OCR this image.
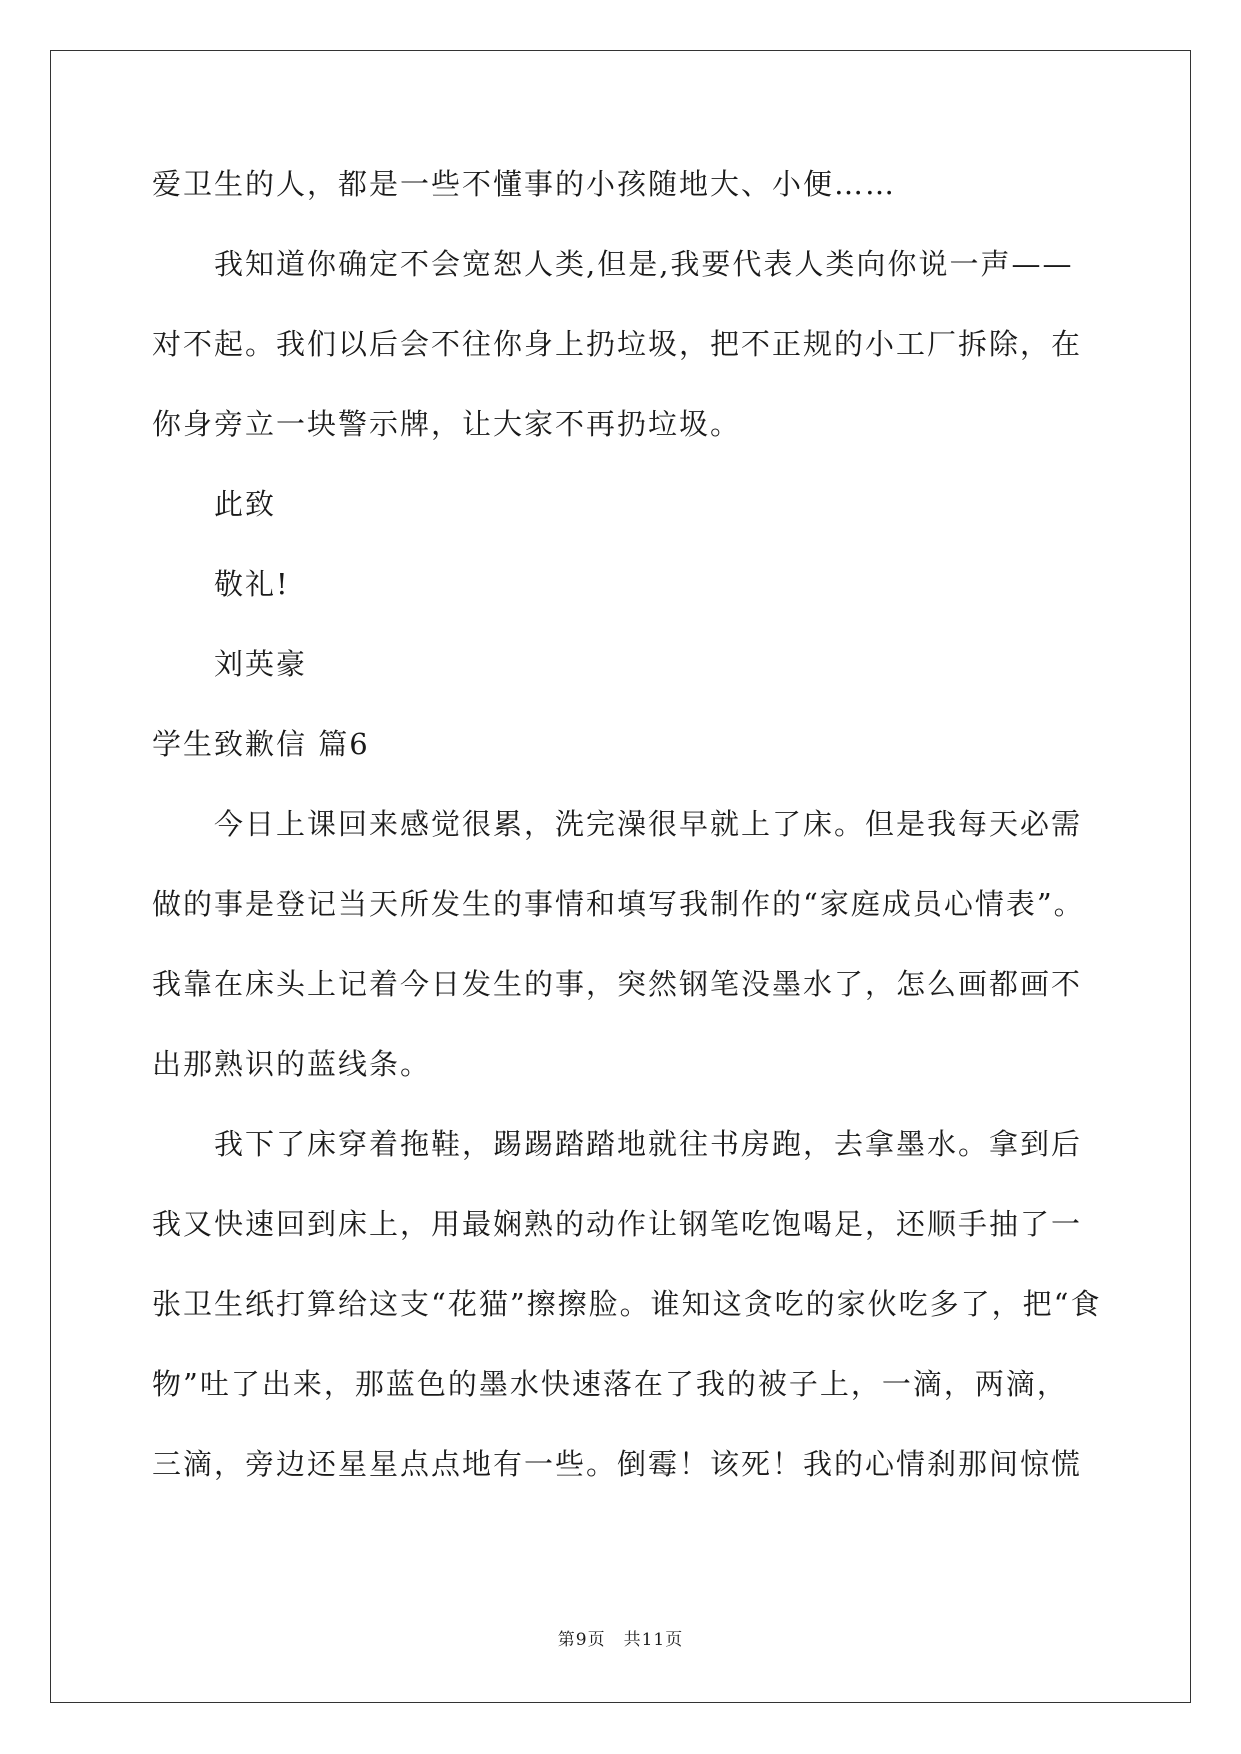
爱卫生的人，都是一些不懂事的小孩随地大、小便……
我知道你确定不会宽恕人类,但是,我要代表人类向你说一声——
对不起。我们以后会不往你身上扔垃圾，把不正规的小工厂拆除，在
你身旁立一块警示牌，让大家不再扔垃圾。
此致
敬礼!
刘英豪
学生致歉信 篇6
今日上课回来感觉很累，洗完澡很早就上了床。但是我每天必需
做的事是登记当天所发生的事情和填写我制作的“家庭成员心情表”。
我靠在床头上记着今日发生的事，突然钢笔没墨水了，怎么画都画不
出那熟识的蓝线条。
我下了床穿着拖鞋，踢踢踏踏地就往书房跑，去拿墨水。拿到后
我又快速回到床上，用最娴熟的动作让钢笔吃饱喝足，还顺手抽了一
张卫生纸打算给这支“花猫”擦擦脸。谁知这贪吃的家伙吃多了，把“食
物”吐了出来，那蓝色的墨水快速落在了我的被子上，一滴，两滴，
三滴，旁边还星星点点地有一些。倒霉！该死！我的心情刹那间惊慌
第9页　共11页
